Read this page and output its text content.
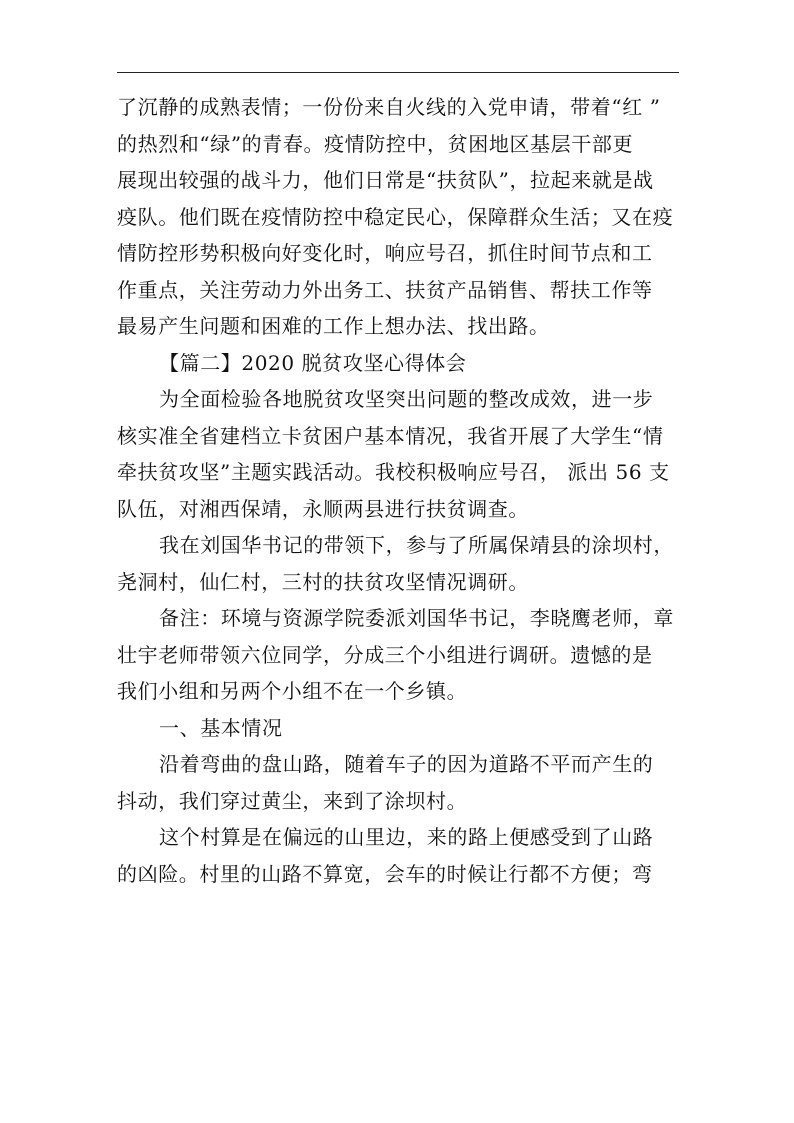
了沉静的成熟表情；一份份来自火线的入党申请，带着“红 ”
的热烈和“绿”的青春。疫情防控中，贫困地区基层干部更
展现出较强的战斗力，他们日常是“扶贫队”，拉起来就是战
疫队。他们既在疫情防控中稳定民心，保障群众生活；又在疫
情防控形势积极向好变化时，响应号召，抓住时间节点和工
作重点，关注劳动力外出务工、扶贫产品销售、帮扶工作等
最易产生问题和困难的工作上想办法、找出路。
【篇二】2020 脱贫攻坚心得体会
为全面检验各地脱贫攻坚突出问题的整改成效，进一步
核实准全省建档立卡贫困户基本情况，我省开展了大学生“情
牵扶贫攻坚”主题实践活动。我校积极响应号召， 派出 56 支
队伍，对湘西保靖，永顺两县进行扶贫调查。
我在刘国华书记的带领下，参与了所属保靖县的涂坝村，
尧洞村，仙仁村，三村的扶贫攻坚情况调研。
备注：环境与资源学院委派刘国华书记，李晓鹰老师，章
壮宇老师带领六位同学，分成三个小组进行调研。遗憾的是
我们小组和另两个小组不在一个乡镇。
一、基本情况
沿着弯曲的盘山路，随着车子的因为道路不平而产生的
抖动，我们穿过黄尘，来到了涂坝村。
这个村算是在偏远的山里边，来的路上便感受到了山路
的凶险。村里的山路不算宽，会车的时候让行都不方便；弯
